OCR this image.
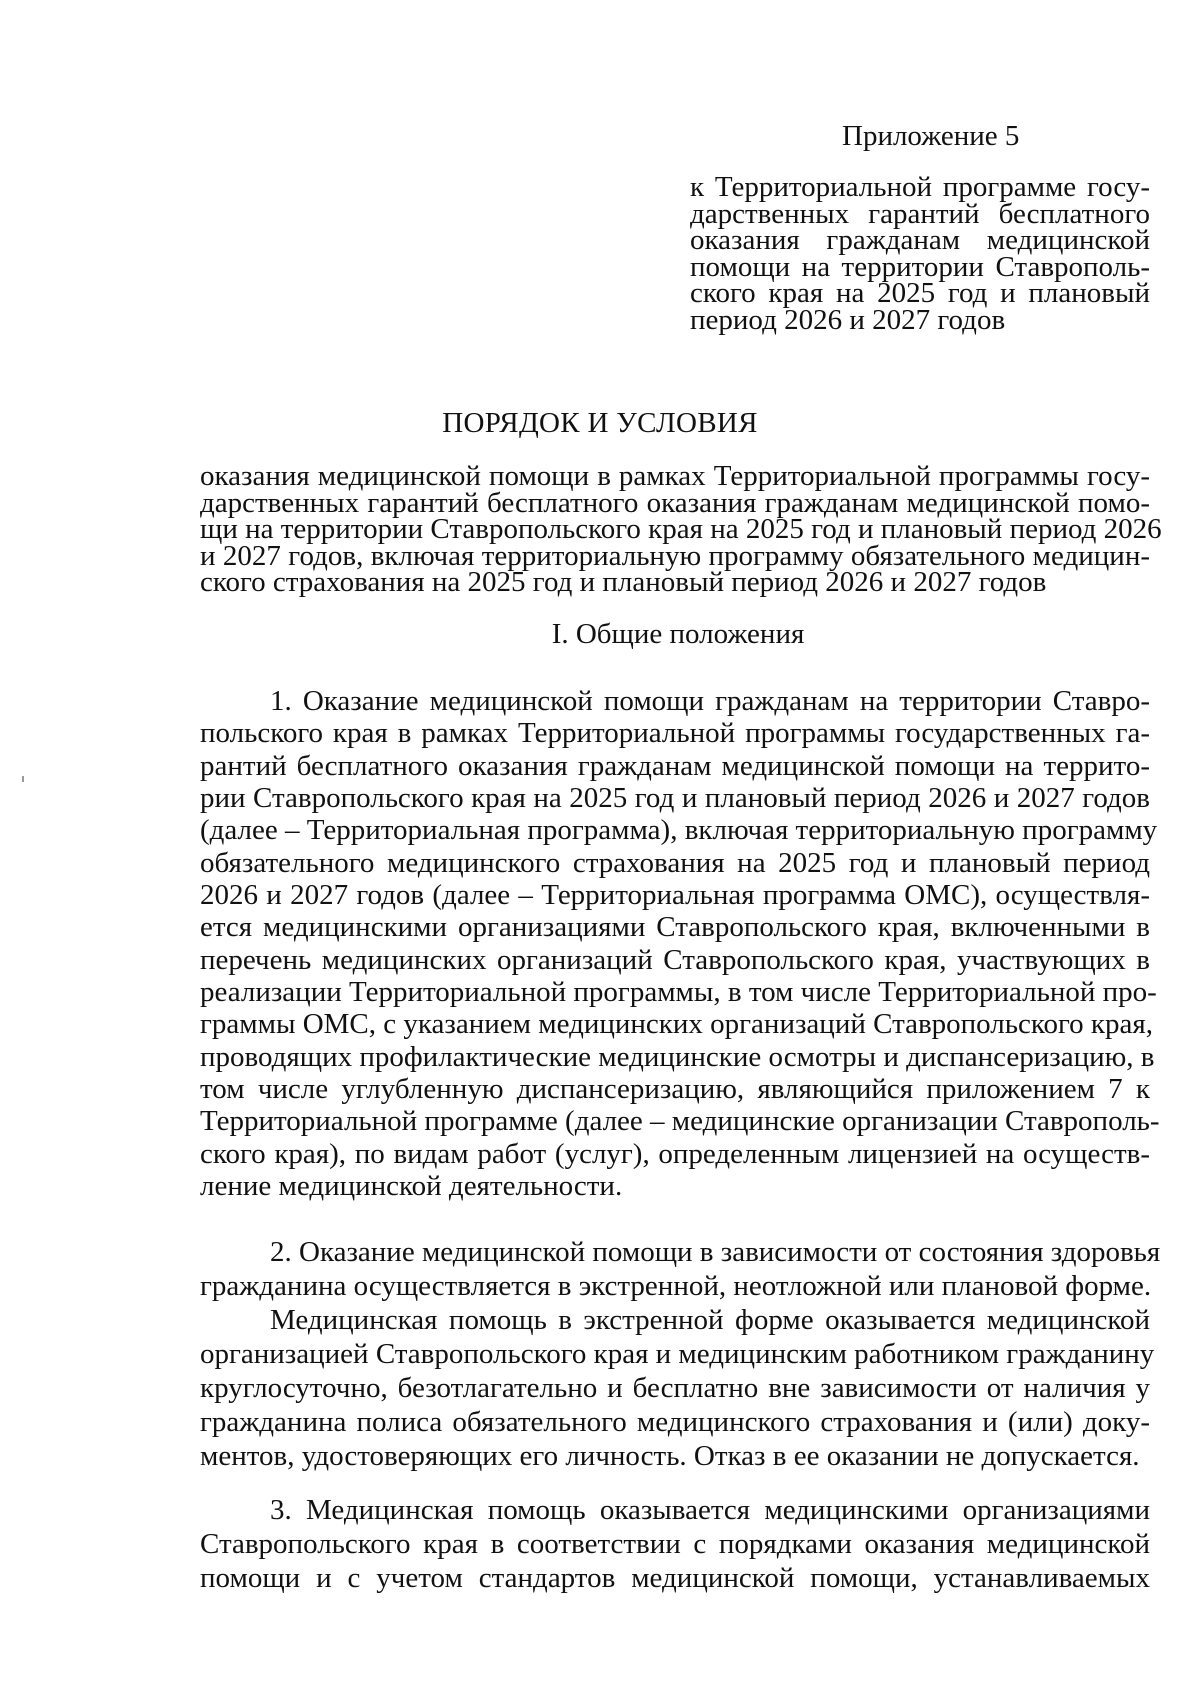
Приложение 5

к Территориальной программе госу-
дарственных гарантий бесплатного
оказания гражданам медицинской
помощи на территории Ставрополь-
ского края на 2025 год и плановый
период 2026 и 2027 годов

ПОРЯДОК И УСЛОВИЯ

оказания медицинской помощи в рамках Территориальной программы госу-
дарственных гарантий бесплатного оказания гражданам медицинской помо-
щи на территории Ставропольского края на 2025 год и плановый период 2026
и 2027 годов, включая территориальную программу обязательного медицин-
ского страхования на 2025 год и плановый период 2026 и 2027 годов

I. Общие положения
1. Оказание медицинской помощи гражданам на территории Ставро-
польского края в рамках Территориальной программы государственных га-
рантий бесплатного оказания гражданам медицинской помощи на террито-
рии Ставропольского края на 2025 год и плановый период 2026 и 2027 годов
(далее – Территориальная программа), включая территориальную программу
обязательного медицинского страхования на 2025 год и плановый период
2026 и 2027 годов (далее – Территориальная программа ОМС), осуществля-
ется медицинскими организациями Ставропольского края, включенными в
перечень медицинских организаций Ставропольского края, участвующих в
реализации Территориальной программы, в том числе Территориальной про-
граммы ОМС, с указанием медицинских организаций Ставропольского края,
проводящих профилактические медицинские осмотры и диспансеризацию, в
том числе углубленную диспансеризацию, являющийся приложением 7 к
Территориальной программе (далее – медицинские организации Ставрополь-
ского края), по видам работ (услуг), определенным лицензией на осуществ-
ление медицинской деятельности.
2. Оказание медицинской помощи в зависимости от состояния здоровья
гражданина осуществляется в экстренной, неотложной или плановой форме.
Медицинская помощь в экстренной форме оказывается медицинской
организацией Ставропольского края и медицинским работником гражданину
круглосуточно, безотлагательно и бесплатно вне зависимости от наличия у
гражданина полиса обязательного медицинского страхования и (или) доку-
ментов, удостоверяющих его личность. Отказ в ее оказании не допускается.
3. Медицинская помощь оказывается медицинскими организациями
Ставропольского края в соответствии с порядками оказания медицинской
помощи и с учетом стандартов медицинской помощи, устанавливаемых
